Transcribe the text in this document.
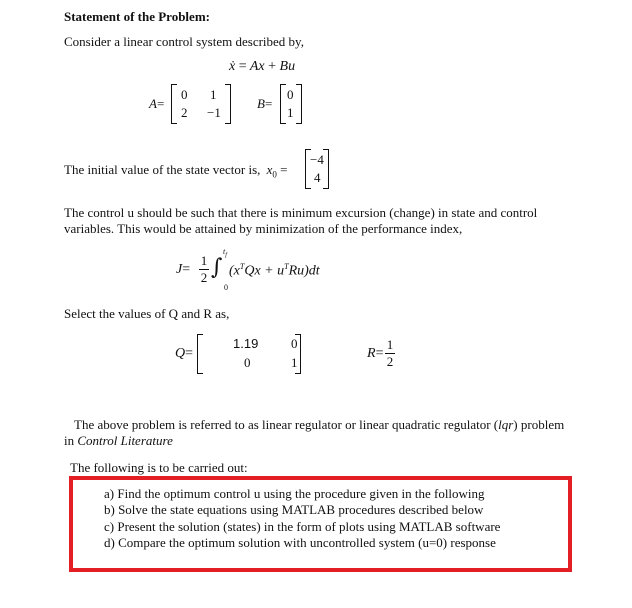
Statement of the Problem:
Consider a linear control system described by,
ẋ = Ax + Bu
A=
0 1
2 −1
B=
0
1
The initial value of the state vector is, $x_0$ =
−4
4
The control u should be such that there is minimum excursion (change) in state and control
variables. This would be attained by minimization of the performance index,
$J= \frac{1}{2}$ ∫
$t_f$
0
$(x^TQx + u^TRu)dt$
Select the values of Q and R as,
Q=
1.19	0
0	1
$R= \frac{1}{2}$
The above problem is referred to as linear regulator or linear quadratic regulator (lqr) problem
in Control Literature
The following is to be carried out:
a) Find the optimum control u using the procedure given in the following
b) Solve the state equations using MATLAB procedures described below
c) Present the solution (states) in the form of plots using MATLAB software
d) Compare the optimum solution with uncontrolled system (u=0) response
